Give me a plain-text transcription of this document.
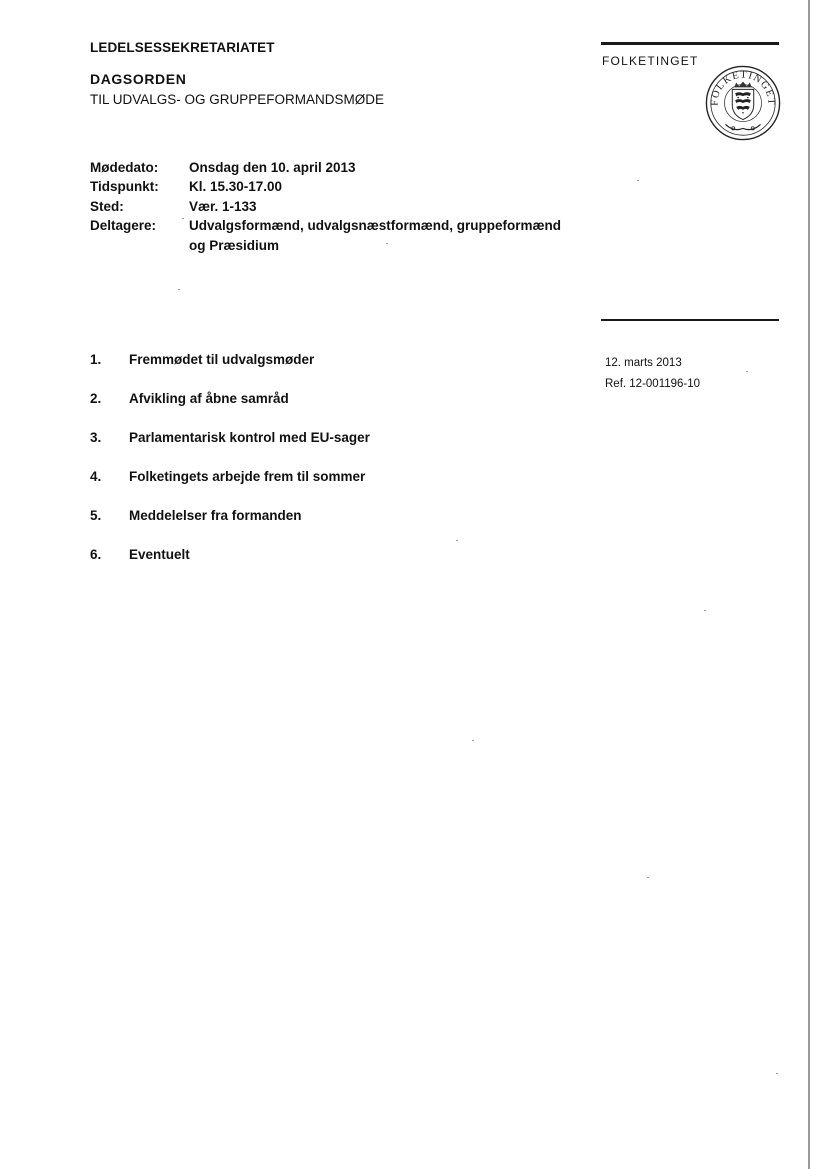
LEDELSESSEKRETARIATET
DAGSORDEN
TIL UDVALGS- OG GRUPPEFORMANDSMØDE
FOLKETINGET
FOLKETINGET
12. marts 2013
Ref. 12-001196-10
Mødedato: Onsdag den 10. april 2013
Tidspunkt: Kl. 15.30-17.00
Sted:	Vær. 1-133
Deltagere: Udvalgsformænd, udvalgsnæstformænd, gruppeformænd
og Præsidium
1. Fremmødet til udvalgsmøder
2. Afvikling af åbne samråd
3. Parlamentarisk kontrol med EU-sager
4. Folketingets arbejde frem til sommer
5. Meddelelser fra formanden
6. Eventuelt
